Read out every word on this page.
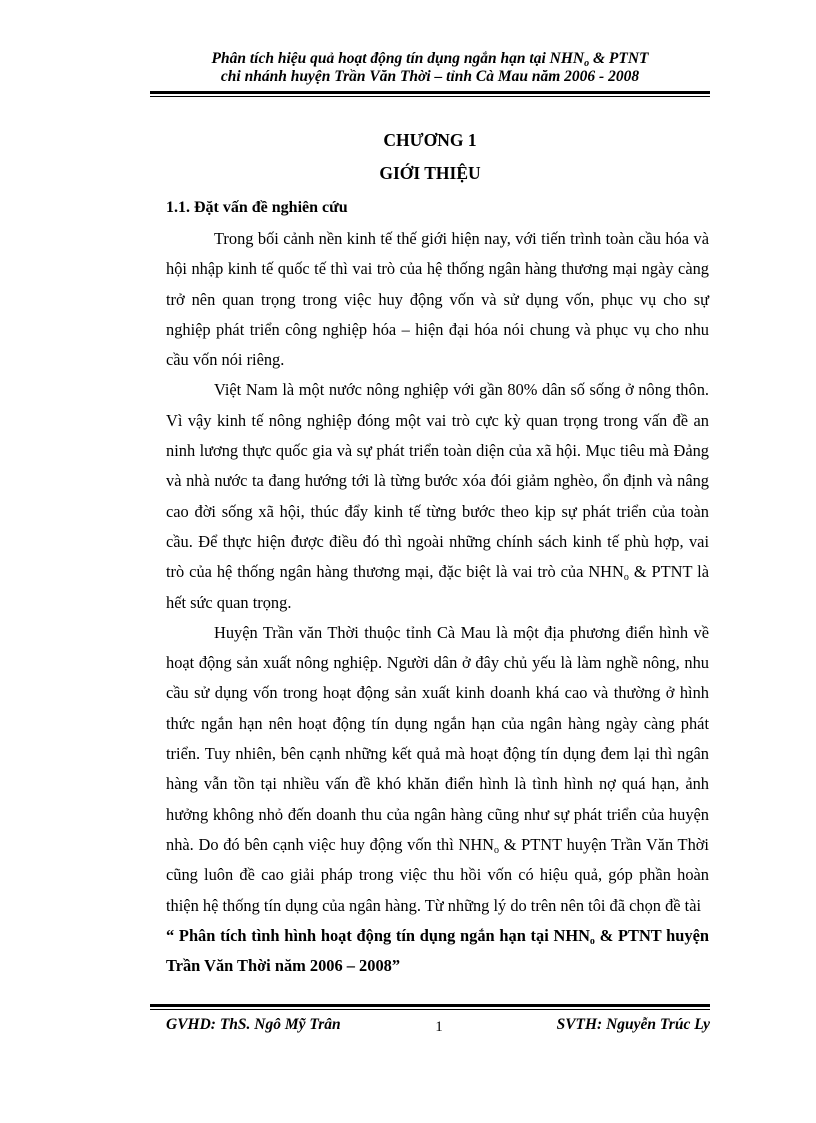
Phân tích hiệu quả hoạt động tín dụng ngắn hạn tại $NHN_o$ & PTNT
chi nhánh huyện Trần Văn Thời – tỉnh Cà Mau năm 2006 - 2008
CHƯƠNG 1
GIỚI THIỆU
1.1. Đặt vấn đề nghiên cứu

Trong bối cảnh nền kinh tế thế giới hiện nay, với tiến trình toàn cầu hóa và hội nhập kinh tế quốc tế thì vai trò của hệ thống ngân hàng thương mại ngày càng trở nên quan trọng trong việc huy động vốn và sử dụng vốn, phục vụ cho sự nghiệp phát triển công nghiệp hóa – hiện đại hóa nói chung và phục vụ cho nhu cầu vốn nói riêng.

Việt Nam là một nước nông nghiệp với gần 80% dân số sống ở nông thôn. Vì vậy kinh tế nông nghiệp đóng một vai trò cực kỳ quan trọng trong vấn đề an ninh lương thực quốc gia và sự phát triển toàn diện của xã hội. Mục tiêu mà Đảng và nhà nước ta đang hướng tới là từng bước xóa đói giảm nghèo, ổn định và nâng cao đời sống xã hội, thúc đẩy kinh tế từng bước theo kịp sự phát triển của toàn cầu. Để thực hiện được điều đó thì ngoài những chính sách kinh tế phù hợp, vai trò của hệ thống ngân hàng thương mại, đặc biệt là vai trò của $NHN_o$ & PTNT là hết sức quan trọng.

Huyện Trần văn Thời thuộc tỉnh Cà Mau là một địa phương điển hình về hoạt động sản xuất nông nghiệp. Người dân ở đây chủ yếu là làm nghề nông, nhu cầu sử dụng vốn trong hoạt động sản xuất kinh doanh khá cao và thường ở hình thức ngắn hạn nên hoạt động tín dụng ngắn hạn của ngân hàng ngày càng phát triển. Tuy nhiên, bên cạnh những kết quả mà hoạt động tín dụng đem lại thì ngân hàng vẫn tồn tại nhiều vấn đề khó khăn điển hình là tình hình nợ quá hạn, ảnh hưởng không nhỏ đến doanh thu của ngân hàng cũng như sự phát triển của huyện nhà. Do đó bên cạnh việc huy động vốn thì $NHN_o$ & PTNT huyện Trần Văn Thời cũng luôn đề cao giải pháp trong việc thu hồi vốn có hiệu quả, góp phần hoàn thiện hệ thống tín dụng của ngân hàng. Từ những lý do trên nên tôi đã chọn đề tài

“ Phân tích tình hình hoạt động tín dụng ngắn hạn tại $NHN_o$ & PTNT huyện Trần Văn Thời năm 2006 – 2008”

GVHD: ThS. Ngô Mỹ Trân	1	SVTH: Nguyễn Trúc Ly
